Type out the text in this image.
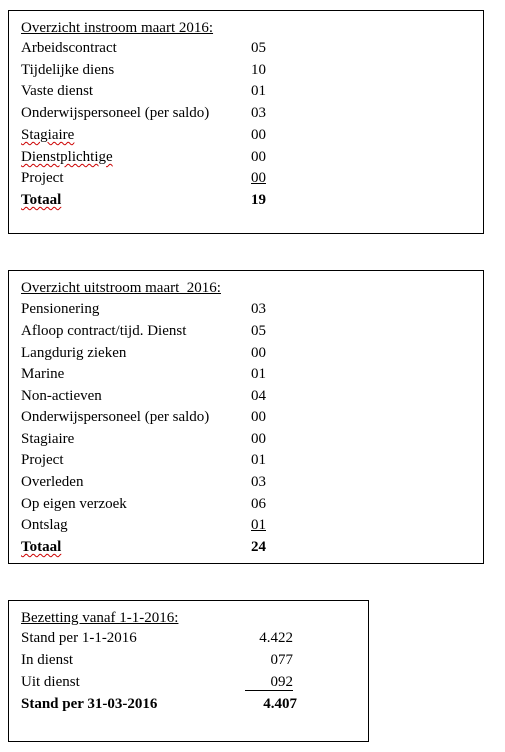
Overzicht instroom maart 2016:
Arbeidscontract	05
Tijdelijke diens	10
Vaste dienst	01
Onderwijspersoneel (per saldo)	03
Stagiaire	00
Dienstplichtige	00
Project	00
Totaal	19
Overzicht uitstroom maart  2016:
Pensionering	03
Afloop contract/tijd. Dienst	05
Langdurig zieken	00
Marine	01
Non-actieven	04
Onderwijspersoneel (per saldo)	00
Stagiaire	00
Project	01
Overleden	03
Op eigen verzoek	06
Ontslag	01
Totaal	24
Bezetting vanaf 1-1-2016:
Stand per 1-1-2016	4.422
In dienst	077
Uit dienst	092
Stand per 31-03-2016	4.407
